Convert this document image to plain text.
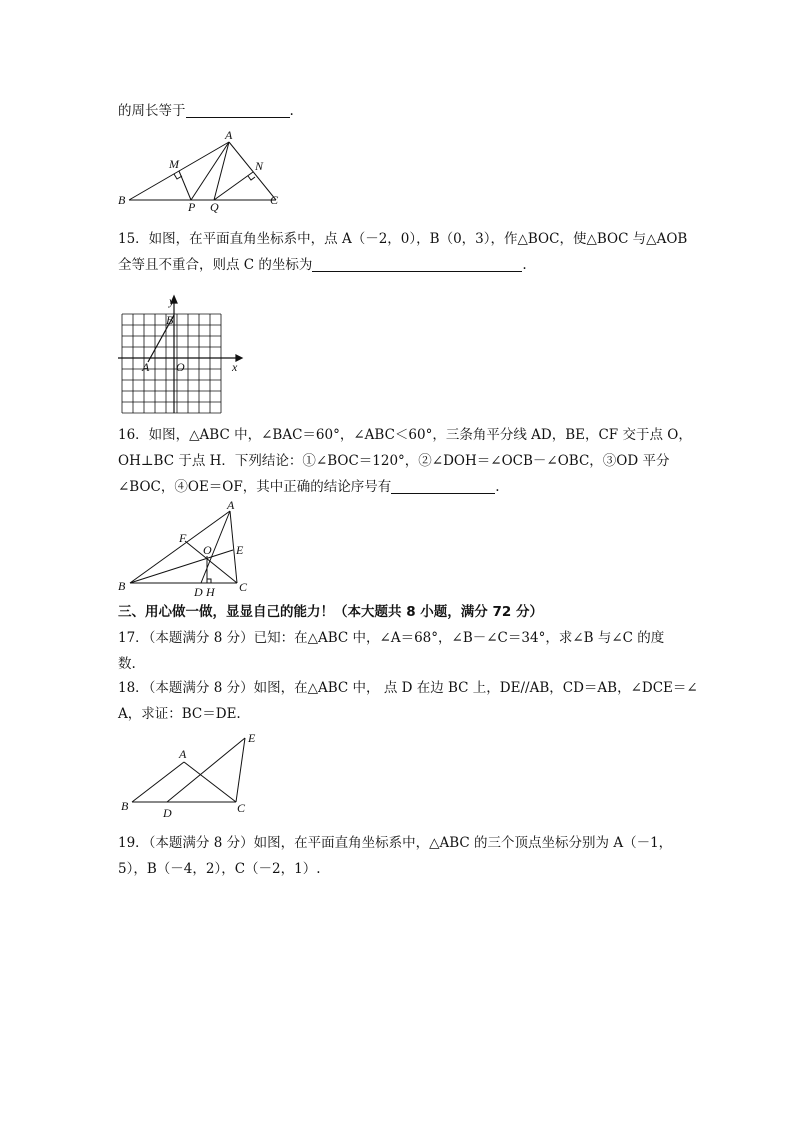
的周长等于	.
A
M	N
B	P Q	C
15．如图，在平面直角坐标系中，点 A（－2，0），B（0，3），作△BOC，使△BOC 与△AOB
全等且不重合，则点 C 的坐标为	.
y
x
B
A O
16．如图，△ABC 中，∠BAC＝60°，∠ABC＜60°，三条角平分线 AD，BE，CF 交于点 O，
OH⊥BC 于点 H．下列结论：①∠BOC＝120°，②∠DOH＝∠OCB－∠OBC，③OD 平分
∠BOC，④OE＝OF，其中正确的结论序号有	.
A
F
O E
B	D H C
三、用心做一做，显显自己的能力！（本大题共 8 小题，满分 72 分）
17．（本题满分 8 分）已知：在△ABC 中，∠A＝68°，∠B－∠C＝34°，求∠B 与∠C 的度
数.
18．（本题满分 8 分）如图，在△ABC 中， 点 D 在边 BC 上，DE//AB，CD＝AB，∠DCE＝∠
A，求证：BC＝DE.
E
A
B	D	C
19．（本题满分 8 分）如图，在平面直角坐标系中，△ABC 的三个顶点坐标分别为 A（－1，
5），B（－4，2），C（－2，1）.
